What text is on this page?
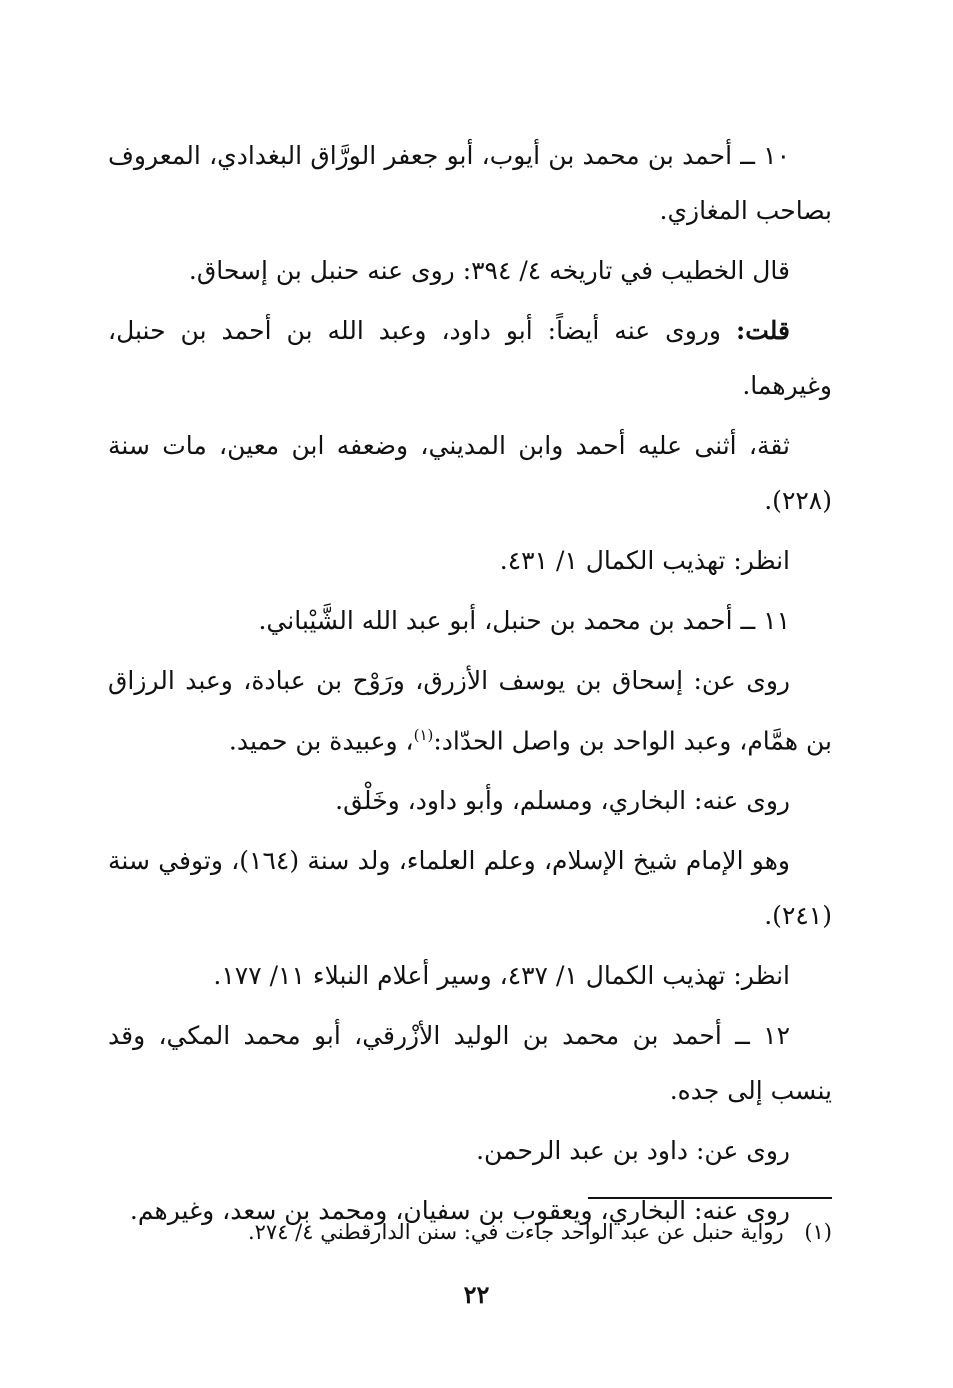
١٠ ــ أحمد بن محمد بن أيوب، أبو جعفر الورَّاق البغدادي، المعروف بصاحب المغازي.

قال الخطيب في تاريخه ٤/ ٣٩٤: روى عنه حنبل بن إسحاق.

قلت: وروى عنه أيضاً: أبو داود، وعبد الله بن أحمد بن حنبل، وغيرهما.

ثقة، أثنى عليه أحمد وابن المديني، وضعفه ابن معين، مات سنة (٢٢٨).

انظر: تهذيب الكمال ١/ ٤٣١.

١١ ــ أحمد بن محمد بن حنبل، أبو عبد الله الشَّيْباني.

روى عن: إسحاق بن يوسف الأزرق، ورَوْح بن عبادة، وعبد الرزاق بن همَّام، وعبد الواحد بن واصل الحدّاد:$^{(١)}$، وعبيدة بن حميد.

روى عنه: البخاري، ومسلم، وأبو داود، وخَلْق.

وهو الإمام شيخ الإسلام، وعلم العلماء، ولد سنة (١٦٤)، وتوفي سنة (٢٤١).

انظر: تهذيب الكمال ١/ ٤٣٧، وسير أعلام النبلاء ١١/ ١٧٧.

١٢ ــ أحمد بن محمد بن الوليد الأزْرقي، أبو محمد المكي، وقد ينسب إلى جده.

روى عن: داود بن عبد الرحمن.

روى عنه: البخاري، ويعقوب بن سفيان، ومحمد بن سعد، وغيرهم.

(١) رواية حنبل عن عبد الواحد جاءت في: سنن الدارقطني ٤/ ٢٧٤.
٢٢
